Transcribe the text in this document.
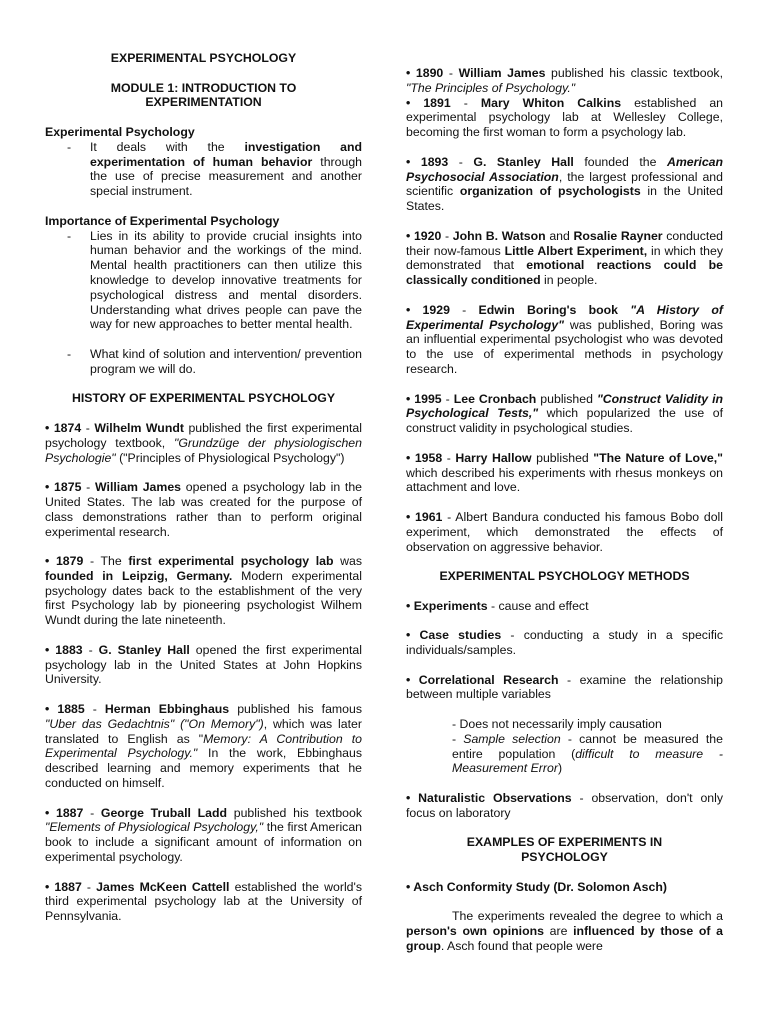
EXPERIMENTAL PSYCHOLOGY

MODULE 1: INTRODUCTION TO

EXPERIMENTATION

Experimental Psychology

-	It deals with the investigation and experimentation of human behavior through the use of precise measurement and another special instrument.

Importance of Experimental Psychology

-	Lies in its ability to provide crucial insights into human behavior and the workings of the mind. Mental health practitioners can then utilize this knowledge to develop innovative treatments for psychological distress and mental disorders. Understanding what drives people can pave the way for new approaches to better mental health.
-	What kind of solution and intervention/ prevention program we will do.

HISTORY OF EXPERIMENTAL PSYCHOLOGY

• 1874 - Wilhelm Wundt published the first experimental psychology textbook, "Grundzüge der physiologischen Psychologie" ("Principles of Physiological Psychology")

• 1875 - William James opened a psychology lab in the United States. The lab was created for the purpose of class demonstrations rather than to perform original experimental research.

• 1879 - The first experimental psychology lab was founded in Leipzig, Germany. Modern experimental psychology dates back to the establishment of the very first Psychology lab by pioneering psychologist Wilhem Wundt during the late nineteenth.

• 1883 - G. Stanley Hall opened the first experimental psychology lab in the United States at John Hopkins University.

• 1885 - Herman Ebbinghaus published his famous "Uber das Gedachtnis" ("On Memory"), which was later translated to English as "Memory: A Contribution to Experimental Psychology." In the work, Ebbinghaus described learning and memory experiments that he conducted on himself.

• 1887 - George Truball Ladd published his textbook "Elements of Physiological Psychology," the first American book to include a significant amount of information on experimental psychology.

• 1887 - James McKeen Cattell established the world's third experimental psychology lab at the University of Pennsylvania.

• 1890 - William James published his classic textbook, "The Principles of Psychology."

• 1891 - Mary Whiton Calkins established an experimental psychology lab at Wellesley College, becoming the first woman to form a psychology lab.

• 1893 - G. Stanley Hall founded the American Psychosocial Association, the largest professional and scientific organization of psychologists in the United States.

• 1920 - John B. Watson and Rosalie Rayner conducted their now-famous Little Albert Experiment, in which they demonstrated that emotional reactions could be classically conditioned in people.

• 1929 - Edwin Boring's book "A History of Experimental Psychology" was published, Boring was an influential experimental psychologist who was devoted to the use of experimental methods in psychology research.

• 1995 - Lee Cronbach published "Construct Validity in Psychological Tests," which popularized the use of construct validity in psychological studies.

• 1958 - Harry Hallow published "The Nature of Love," which described his experiments with rhesus monkeys on attachment and love.

• 1961 - Albert Bandura conducted his famous Bobo doll experiment, which demonstrated the effects of observation on aggressive behavior.

EXPERIMENTAL PSYCHOLOGY METHODS

• Experiments - cause and effect

• Case studies - conducting a study in a specific individuals/samples.

• Correlational Research - examine the relationship between multiple variables

- Does not necessarily imply causation

- Sample selection - cannot be measured the entire population (difficult to measure - Measurement Error)

• Naturalistic Observations - observation, don't only focus on laboratory

EXAMPLES OF EXPERIMENTS IN

PSYCHOLOGY

• Asch Conformity Study (Dr. Solomon Asch)

The experiments revealed the degree to which a person's own opinions are influenced by those of a group. Asch found that people were
